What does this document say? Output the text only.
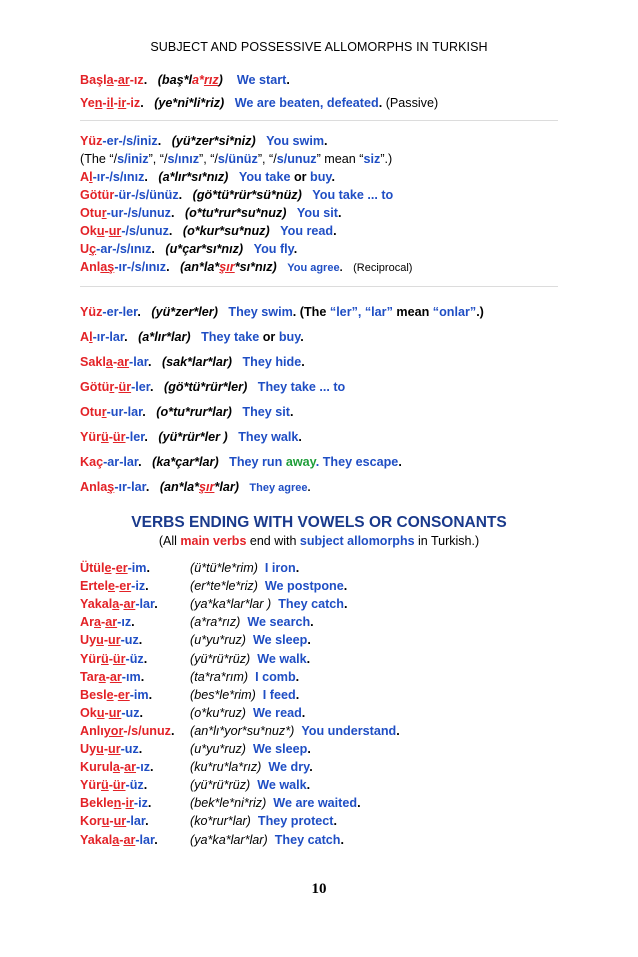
SUBJECT AND POSSESSIVE ALLOMORPHS IN TURKISH
Başla-ar-ız. (baş*la*rız) We start.
Yen-il-ir-iz. (ye*ni*li*riz) We are beaten, defeated. (Passive)
Yüz-er-/s/iniz. (yü*zer*si*niz) You swim.
(The “/s/iniz”, “/s/ınız”, “/s/ünüz”, “/s/unuz” mean “siz”.)
Al-ır-/s/ınız. (a*lır*sı*nız) You take or buy.
Götür-ür-/s/ünüz. (gö*tü*rür*sü*nüz) You take ... to
Otur-ur-/s/unuz. (o*tu*rur*su*nuz) You sit.
Oku-ur-/s/unuz. (o*kur*su*nuz) You read.
Uç-ar-/s/ınız. (u*çar*sı*nız) You fly.
Anlaş-ır-/s/ınız. (an*la*şır*sı*nız) You agree. (Reciprocal)
Yüz-er-ler. (yü*zer*ler) They swim. (The “ler”, “lar” mean “onlar”.)
Al-ır-lar. (a*lır*lar) They take or buy.
Sakla-ar-lar. (sak*lar*lar) They hide.
Götür-ür-ler. (gö*tü*rür*ler) They take ... to
Otur-ur-lar. (o*tu*rur*lar) They sit.
Yürü-ür-ler. (yü*rür*ler ) They walk.
Kaç-ar-lar. (ka*çar*lar) They run away. They escape.
Anlaş-ır-lar. (an*la*şır*lar) They agree.
VERBS ENDING WITH VOWELS OR CONSONANTS
(All main verbs end with subject allomorphs in Turkish.)
Ütüle-er-im.	(ü*tü*le*rim) I iron.
Ertele-er-iz.	(er*te*le*riz) We postpone.
Yakala-ar-lar.	(ya*ka*lar*lar ) They catch.
Ara-ar-ız.	(a*ra*rız) We search.
Uyu-ur-uz.	(u*yu*ruz) We sleep.
Yürü-ür-üz.	(yü*rü*rüz) We walk.
Tara-ar-ım.	(ta*ra*rım) I comb.
Besle-er-im.	(bes*le*rim) I feed.
Oku-ur-uz.	(o*ku*ruz) We read.
Anlıyor-/s/unuz. (an*lı*yor*su*nuz*) You understand.
Uyu-ur-uz.	(u*yu*ruz) We sleep.
Kurula-ar-ız.	(ku*ru*la*rız) We dry.
Yürü-ür-üz.	(yü*rü*rüz) We walk.
Beklen-ir-iz.	(bek*le*ni*riz) We are waited.
Koru-ur-lar.	(ko*rur*lar) They protect.
Yakala-ar-lar.	(ya*ka*lar*lar) They catch.
10
